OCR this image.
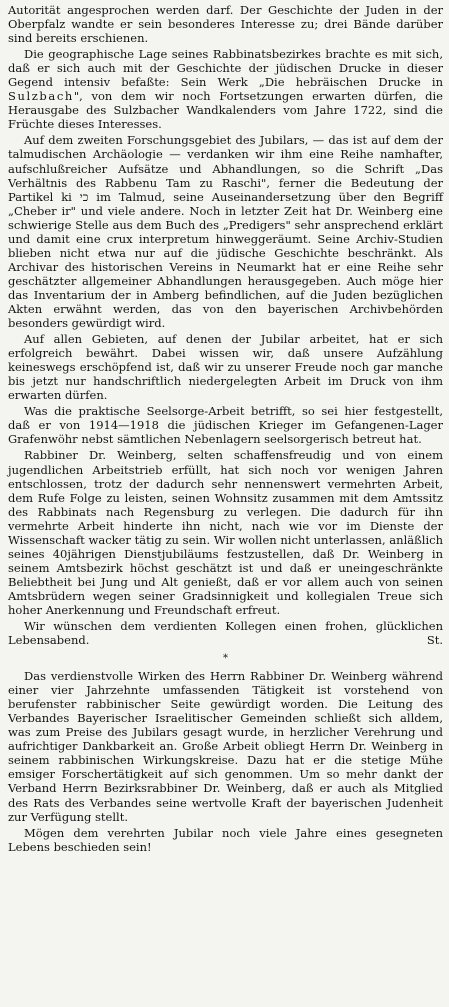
Autorität angesprochen werden darf. Der Geschichte der Juden in der Oberpfalz wandte er sein besonderes Interesse zu; drei Bände darüber sind bereits erschienen.

Die geographische Lage seines Rabbinatsbezirkes brachte es mit sich, daß er sich auch mit der Geschichte der jüdischen Drucke in dieser Gegend intensiv befaßte: Sein Werk „Die hebräischen Drucke in Sulzbach", von dem wir noch Fortsetzungen erwarten dürfen, die Herausgabe des Sulzbacher Wandkalenders vom Jahre 1722, sind die Früchte dieses Interesses.

Auf dem zweiten Forschungsgebiet des Jubilars, — das ist auf dem der talmudischen Archäologie — verdanken wir ihm eine Reihe namhafter, aufschlußreicher Aufsätze und Abhandlungen, so die Schrift „Das Verhältnis des Rabbenu Tam zu Raschi", ferner die Bedeutung der Partikel ki כי im Talmud, seine Auseinandersetzung über den Begriff „Cheber ir" und viele andere. Noch in letzter Zeit hat Dr. Weinberg eine schwierige Stelle aus dem Buch des „Predigers" sehr ansprechend erklärt und damit eine crux interpretum hinweggeräumt. Seine Archiv-Studien blieben nicht etwa nur auf die jüdische Geschichte beschränkt. Als Archivar des historischen Vereins in Neumarkt hat er eine Reihe sehr geschätzter allgemeiner Abhandlungen herausgegeben. Auch möge hier das Inventarium der in Amberg befindlichen, auf die Juden bezüglichen Akten erwähnt werden, das von den bayerischen Archivbehörden besonders gewürdigt wird.

Auf allen Gebieten, auf denen der Jubilar arbeitet, hat er sich erfolgreich bewährt. Dabei wissen wir, daß unsere Aufzählung keineswegs erschöpfend ist, daß wir zu unserer Freude noch gar manche bis jetzt nur handschriftlich niedergelegten Arbeit im Druck von ihm erwarten dürfen.

Was die praktische Seelsorge-Arbeit betrifft, so sei hier festgestellt, daß er von 1914—1918 die jüdischen Krieger im Gefangenen-Lager Grafenwöhr nebst sämtlichen Nebenlagern seelsorgerisch betreut hat.

Rabbiner Dr. Weinberg, selten schaffensfreudig und von einem jugendlichen Arbeitstrieb erfüllt, hat sich noch vor wenigen Jahren entschlossen, trotz der dadurch sehr nennenswert vermehrten Arbeit, dem Rufe Folge zu leisten, seinen Wohnsitz zusammen mit dem Amtssitz des Rabbinats nach Regensburg zu verlegen. Die dadurch für ihn vermehrte Arbeit hinderte ihn nicht, nach wie vor im Dienste der Wissenschaft wacker tätig zu sein. Wir wollen nicht unterlassen, anläßlich seines 40jährigen Dienstjubiläums festzustellen, daß Dr. Weinberg in seinem Amtsbezirk höchst geschätzt ist und daß er uneingeschränkte Beliebtheit bei Jung und Alt genießt, daß er vor allem auch von seinen Amtsbrüdern wegen seiner Gradsinnigkeit und kollegialen Treue sich hoher Anerkennung und Freundschaft erfreut.

Wir wünschen dem verdienten Kollegen einen frohen, glücklichen Lebensabend.	St.

*

Das verdienstvolle Wirken des Herrn Rabbiner Dr. Weinberg während einer vier Jahrzehnte umfassenden Tätigkeit ist vorstehend von berufenster rabbinischer Seite gewürdigt worden. Die Leitung des Verbandes Bayerischer Israelitischer Gemeinden schließt sich alldem, was zum Preise des Jubilars gesagt wurde, in herzlicher Verehrung und aufrichtiger Dankbarkeit an. Große Arbeit obliegt Herrn Dr. Weinberg in seinem rabbinischen Wirkungskreise. Dazu hat er die stetige Mühe emsiger Forschertätigkeit auf sich genommen. Um so mehr dankt der Verband Herrn Bezirksrabbiner Dr. Weinberg, daß er auch als Mitglied des Rats des Verbandes seine wertvolle Kraft der bayerischen Judenheit zur Verfügung stellt.

Mögen dem verehrten Jubilar noch viele Jahre eines gesegneten Lebens beschieden sein!
